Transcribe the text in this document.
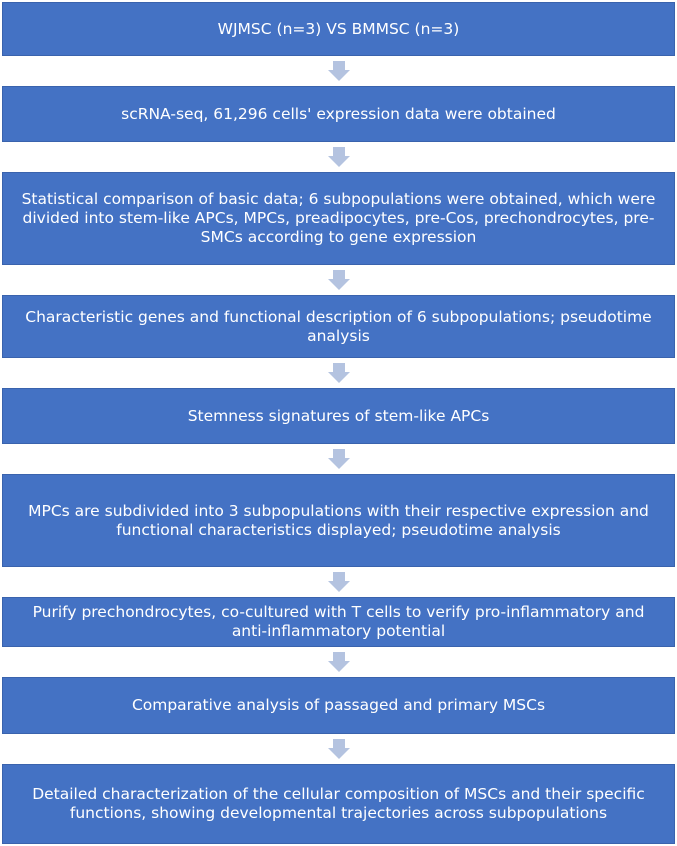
WJMSC (n=3) VS BMMSC (n=3)
scRNA-seq, 61,296 cells' expression data were obtained
Statistical comparison of basic data; 6 subpopulations were obtained, which were divided into stem-like APCs, MPCs, preadipocytes, pre-Cos, prechondrocytes, pre-SMCs according to gene expression
Characteristic genes and functional description of 6 subpopulations; pseudotime analysis
Stemness signatures of stem-like APCs
MPCs are subdivided into 3 subpopulations with their respective expression and functional characteristics displayed; pseudotime analysis
Purify prechondrocytes, co-cultured with T cells to verify pro-inflammatory and anti-inflammatory potential
Comparative analysis of passaged and primary MSCs
Detailed characterization of the cellular composition of MSCs and their specific functions, showing developmental trajectories across subpopulations
